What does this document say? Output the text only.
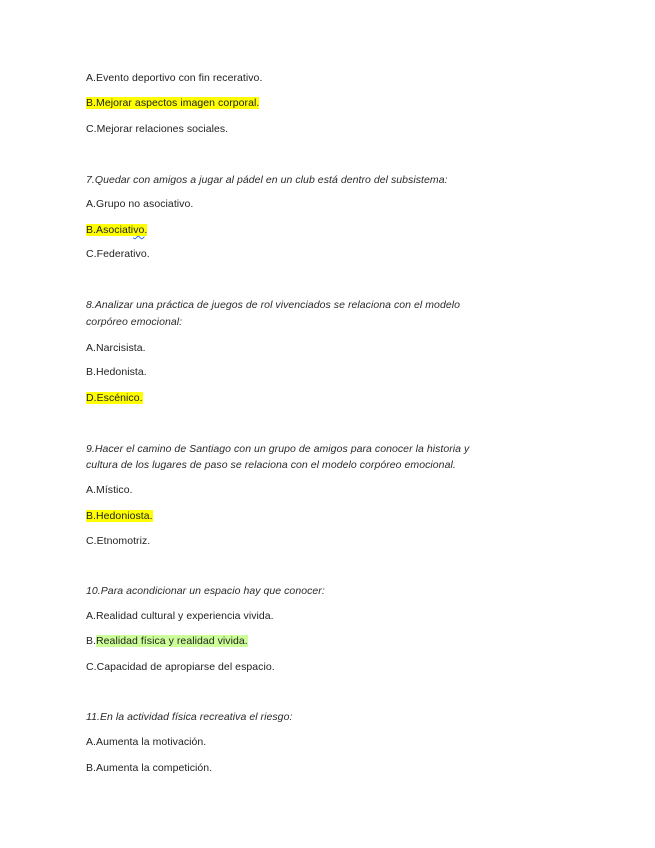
A.Evento deportivo con fin recerativo.
B.Mejorar aspectos imagen corporal.
C.Mejorar relaciones sociales.
7.Quedar con amigos a jugar al pádel en un club está dentro del subsistema:
A.Grupo no asociativo.
B.Asociativo.
C.Federativo.
8.Analizar una práctica de juegos de rol vivenciados se relaciona con el modelo
corpóreo emocional:
A.Narcisista.
B.Hedonista.
D.Escénico.
9.Hacer el camino de Santiago con un grupo de amigos para conocer la historia y
cultura de los lugares de paso se relaciona con el modelo corpóreo emocional.
A.Místico.
B.Hedoniosta.
C.Etnomotriz.
10.Para acondicionar un espacio hay que conocer:
A.Realidad cultural y experiencia vivida.
B.Realidad física y realidad vivida.
C.Capacidad de apropiarse del espacio.
11.En la actividad física recreativa el riesgo:
A.Aumenta la motivación.
B.Aumenta la competición.
